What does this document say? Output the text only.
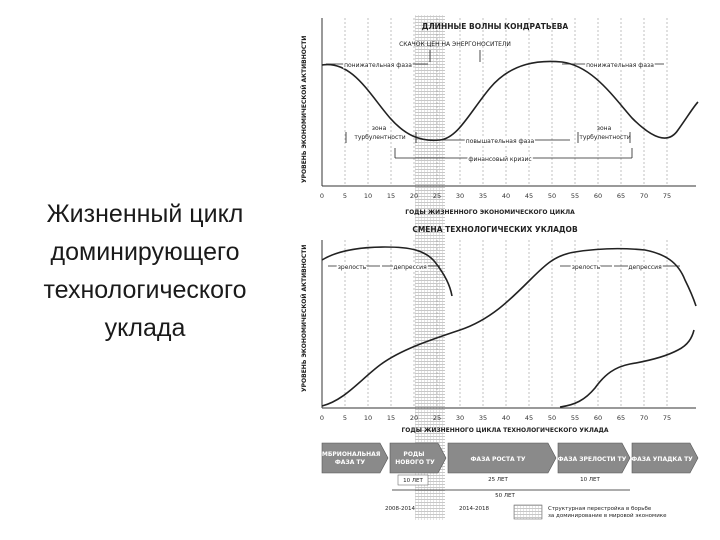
Жизненный цикл
доминирующего
технологического
уклада
ДЛИННЫЕ ВОЛНЫ КОНДРАТЬЕВА
0	5	10 15 20 25 30 35 40 45 50 55 60 65 70 75
УРОВЕНЬ ЭКОНОМИЧЕСКОЙ АКТИВНОСТИ
ГОДЫ ЖИЗНЕННОГО ЭКОНОМИЧЕСКОГО ЦИКЛА
СКАЧОК ЦЕН НА ЭНЕРГОНОСИТЕЛИ
понижательная фаза	понижательная фаза
зона турбулентности
повышательная фаза
зона турбулентности
финансовый кризис
СМЕНА ТЕХНОЛОГИЧЕСКИХ УКЛАДОВ
0	5	10 15 20 25 30 35 40 45 50 55 60 65 70 75
УРОВЕНЬ ЭКОНОМИЧЕСКОЙ АКТИВНОСТИ
ГОДЫ ЖИЗНЕННОГО ЦИКЛА ТЕХНОЛОГИЧЕСКОГО УКЛАДА
зрелость	депрессия	зрелость	депрессия
ЭМБРИОНАЛЬНАЯ ФАЗА ТУ
РОДЫ НОВОГО ТУ
10 ЛЕТ
ФАЗА РОСТА ТУ
25 ЛЕТ
ФАЗА ЗРЕЛОСТИ ТУ
10 ЛЕТ
ФАЗА УПАДКА ТУ
50 ЛЕТ
2008-2014	2014-2018	Структурная перестройка в борьбе за доминирование в мировой экономике
